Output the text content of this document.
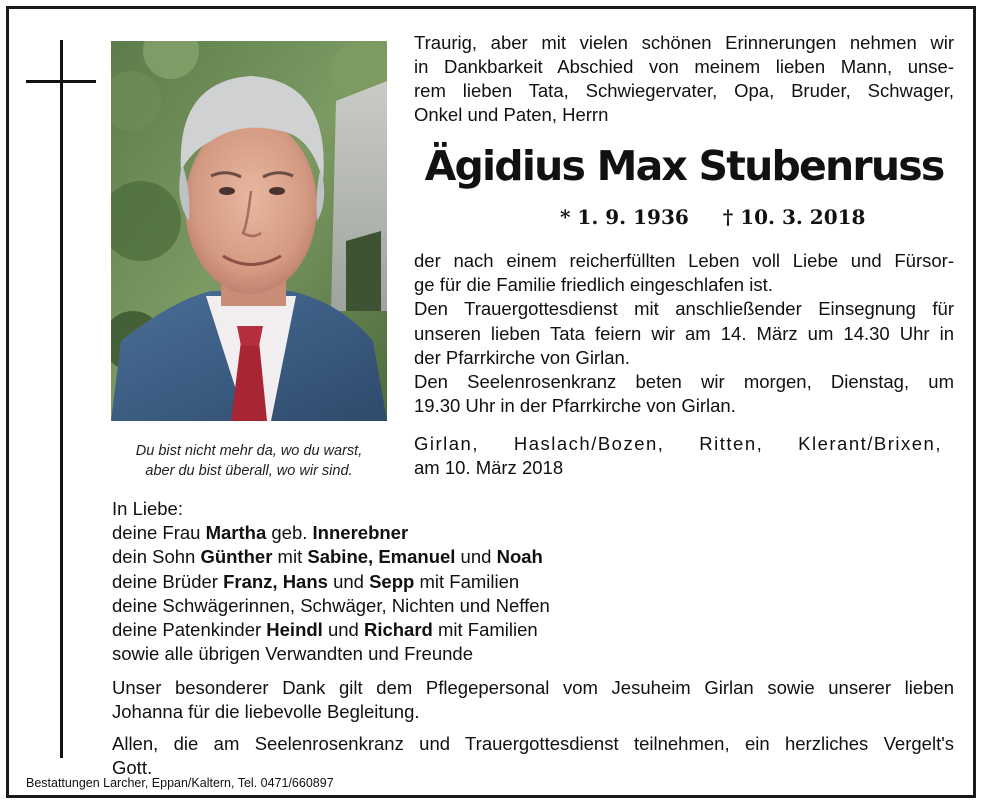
Du bist nicht mehr da, wo du warst,
aber du bist überall, wo wir sind.
Traurig, aber mit vielen schönen Erinnerungen nehmen wir
in Dankbarkeit Abschied von meinem lieben Mann, unse-
rem lieben Tata, Schwiegervater, Opa, Bruder, Schwager,
Onkel und Paten, Herrn
Ägidius Max Stubenruss
* 1. 9. 1936 † 10. 3. 2018
der nach einem reicherfüllten Leben voll Liebe und Fürsor-
ge für die Familie friedlich eingeschlafen ist.
Den Trauergottesdienst mit anschließender Einsegnung für
unseren lieben Tata feiern wir am 14. März um 14.30 Uhr in
der Pfarrkirche von Girlan.
Den Seelenrosenkranz beten wir morgen, Dienstag, um
19.30 Uhr in der Pfarrkirche von Girlan.
Girlan, Haslach/Bozen, Ritten, Klerant/Brixen,
am 10. März 2018
In Liebe:
deine Frau Martha geb. Innerebner
dein Sohn Günther mit Sabine, Emanuel und Noah
deine Brüder Franz, Hans und Sepp mit Familien
deine Schwägerinnen, Schwäger, Nichten und Neffen
deine Patenkinder Heindl und Richard mit Familien
sowie alle übrigen Verwandten und Freunde
Unser besonderer Dank gilt dem Pflegepersonal vom Jesuheim Girlan sowie unserer lieben
Johanna für die liebevolle Begleitung.
Allen, die am Seelenrosenkranz und Trauergottesdienst teilnehmen, ein herzliches Vergelt's
Gott.
Bestattungen Larcher, Eppan/Kaltern, Tel. 0471/660897
